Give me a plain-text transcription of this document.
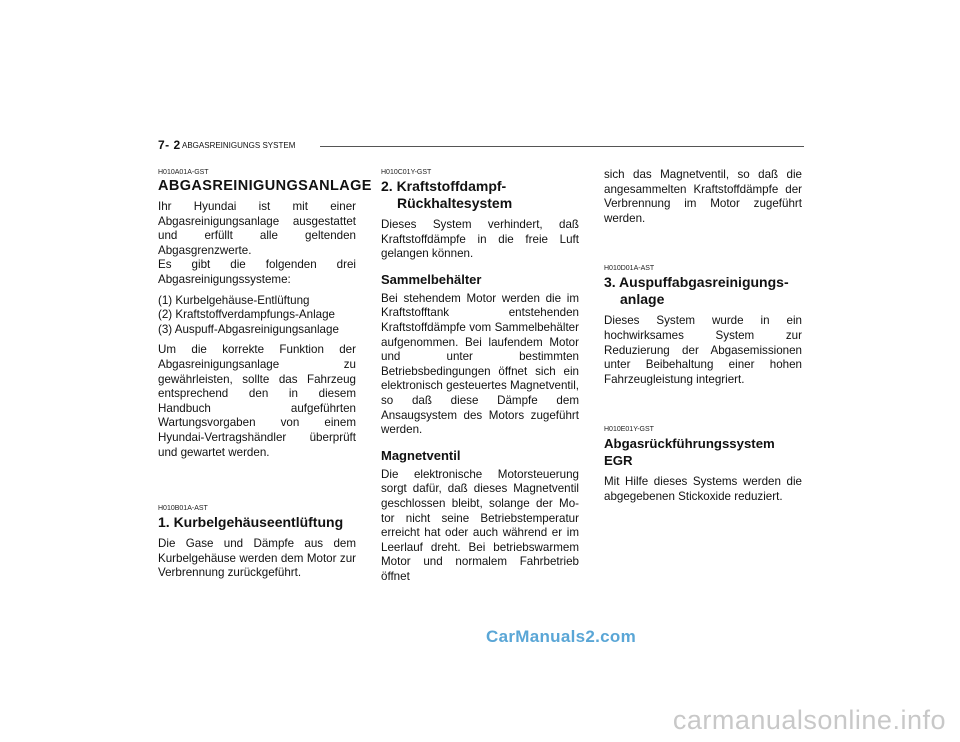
7- 2 ABGASREINIGUNGS SYSTEM

H010A01A-GST

ABGASREINIGUNGSANLAGE

Ihr Hyundai ist mit einer Abgasreinigungsanlage ausgestattet und erfüllt alle geltenden Abgasgrenzwerte.

Es gibt die folgenden drei Abgasreinigungssysteme:

(1) Kurbelgehäuse-Entlüftung
(2) Kraftstoffverdampfungs-Anlage
(3) Auspuff-Abgasreinigungsanlage

Um die korrekte Funktion der Abgasreinigungsanlage zu gewährleisten, sollte das Fahrzeug entsprechend den in diesem Handbuch aufgeführten Wartungsvorgaben von einem Hyundai-Vertragshändler überprüft und gewartet werden.

H010B01A-AST

1. Kurbelgehäuseentlüftung

Die Gase und Dämpfe aus dem Kurbelgehäuse werden dem Motor zur Verbrennung zurückgeführt.

H010C01Y-GST

2. Kraftstoffdampf- Rückhaltesystem

Dieses System verhindert, daß Kraftstoffdämpfe in die freie Luft gelangen können.

Sammelbehälter

Bei stehendem Motor werden die im Kraftstofftank entstehenden Kraftstoffdämpfe vom Sammelbehälter aufgenommen. Bei laufendem Motor und unter bestimmten Betriebsbedingungen öffnet sich ein elektronisch gesteuertes Magnetventil, so daß diese Dämpfe dem Ansaugsystem des Motors zugeführt werden.

Magnetventil

Die elektronische Motorsteuerung sorgt dafür, daß dieses Magnetventil geschlossen bleibt, solange der Mo- tor nicht seine Betriebstemperatur erreicht hat oder auch während er im Leerlauf dreht. Bei betriebswarmem Motor und normalem Fahrbetrieb öffnet

sich das Magnetventil, so daß die angesammelten Kraftstoffdämpfe der Verbrennung im Motor zugeführt werden.

H010D01A-AST

3. Auspuffabgasreinigungs- anlage

Dieses System wurde in ein hochwirksames System zur Reduzierung der Abgasemissionen unter Beibehaltung einer hohen Fahrzeugleistung integriert.

H010E01Y-GST

Abgasrückführungssystem EGR

Mit Hilfe dieses Systems werden die abgegebenen Stickoxide reduziert.

CarManuals2.com
carmanualsonline.info
